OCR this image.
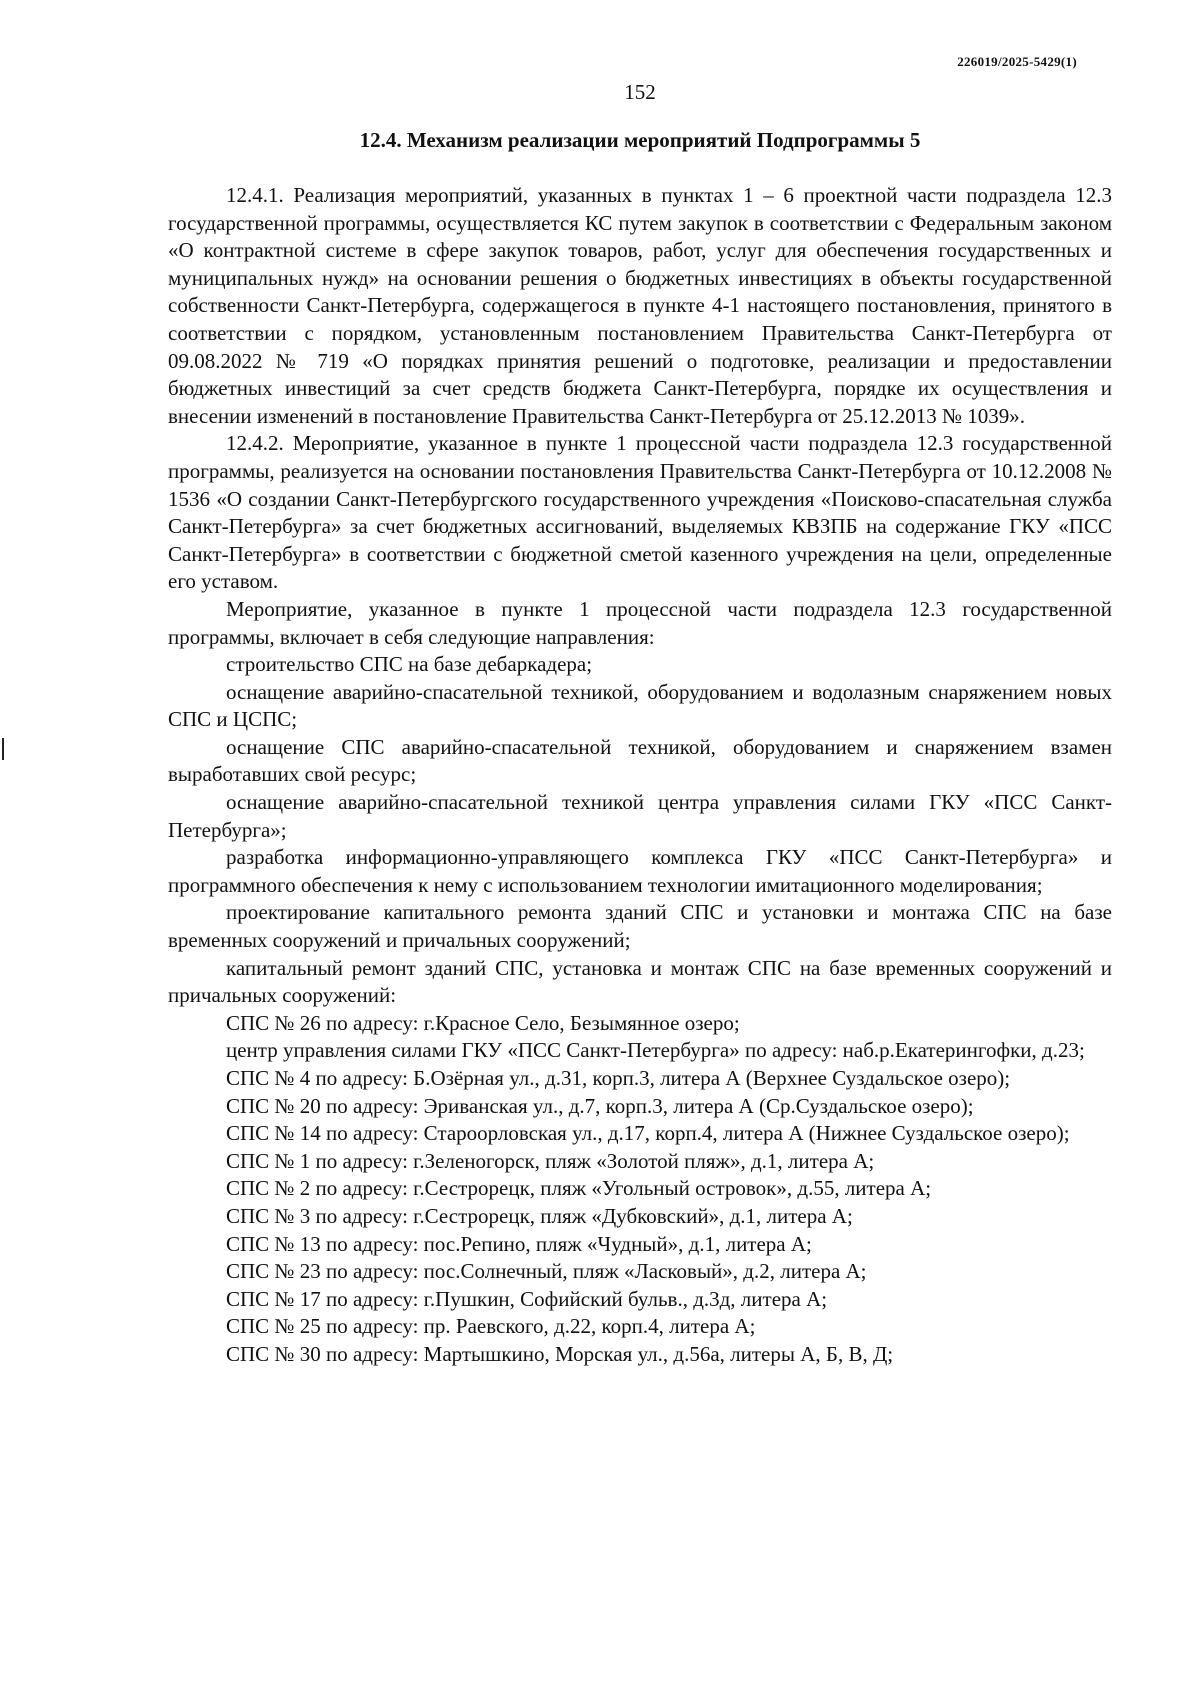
226019/2025-5429(1)
152
12.4. Механизм реализации мероприятий Подпрограммы 5

12.4.1. Реализация мероприятий, указанных в пунктах 1 – 6 проектной части подраздела 12.3 государственной программы, осуществляется КС путем закупок в соответствии с Федеральным законом «О контрактной системе в сфере закупок товаров, работ, услуг для обеспечения государственных и муниципальных нужд» на основании решения о бюджетных инвестициях в объекты государственной собственности Санкт-Петербурга, содержащегося в пункте 4-1 настоящего постановления, принятого в соответствии с порядком, установленным постановлением Правительства Санкт-Петербурга от 09.08.2022 № 719 «О порядках принятия решений о подготовке, реализации и предоставлении бюджетных инвестиций за счет средств бюджета Санкт-Петербурга, порядке их осуществления и внесении изменений в постановление Правительства Санкт-Петербурга от 25.12.2013 № 1039».

12.4.2. Мероприятие, указанное в пункте 1 процессной части подраздела 12.3 государственной программы, реализуется на основании постановления Правительства Санкт-Петербурга от 10.12.2008 № 1536 «О создании Санкт-Петербургского государственного учреждения «Поисково-спасательная служба Санкт-Петербурга» за счет бюджетных ассигнований, выделяемых КВЗПБ на содержание ГКУ «ПСС Санкт-Петербурга» в соответствии с бюджетной сметой казенного учреждения на цели, определенные его уставом.

Мероприятие, указанное в пункте 1 процессной части подраздела 12.3 государственной программы, включает в себя следующие направления:

строительство СПС на базе дебаркадера;

оснащение аварийно-спасательной техникой, оборудованием и водолазным снаряжением новых СПС и ЦСПС;

оснащение СПС аварийно-спасательной техникой, оборудованием и снаряжением взамен выработавших свой ресурс;

оснащение аварийно-спасательной техникой центра управления силами ГКУ «ПСС Санкт-Петербурга»;

разработка информационно-управляющего комплекса ГКУ «ПСС Санкт-Петербурга» и программного обеспечения к нему с использованием технологии имитационного моделирования;

проектирование капитального ремонта зданий СПС и установки и монтажа СПС на базе временных сооружений и причальных сооружений;

капитальный ремонт зданий СПС, установка и монтаж СПС на базе временных сооружений и причальных сооружений:

СПС № 26 по адресу: г.Красное Село, Безымянное озеро;

центр управления силами ГКУ «ПСС Санкт-Петербурга» по адресу: наб.р.Екатерингофки, д.23;

СПС № 4 по адресу: Б.Озёрная ул., д.31, корп.3, литера А (Верхнее Суздальское озеро);

СПС № 20 по адресу: Эриванская ул., д.7, корп.3, литера А (Ср.Суздальское озеро);

СПС № 14 по адресу: Староорловская ул., д.17, корп.4, литера А (Нижнее Суздальское озеро);

СПС № 1 по адресу: г.Зеленогорск, пляж «Золотой пляж», д.1, литера А;

СПС № 2 по адресу: г.Сестрорецк, пляж «Угольный островок», д.55, литера А;

СПС № 3 по адресу: г.Сестрорецк, пляж «Дубковский», д.1, литера А;

СПС № 13 по адресу: пос.Репино, пляж «Чудный», д.1, литера А;

СПС № 23 по адресу: пос.Солнечный, пляж «Ласковый», д.2, литера А;

СПС № 17 по адресу: г.Пушкин, Софийский бульв., д.3д, литера А;

СПС № 25 по адресу: пр. Раевского, д.22, корп.4, литера А;

СПС № 30 по адресу: Мартышкино, Морская ул., д.56а, литеры А, Б, В, Д;
